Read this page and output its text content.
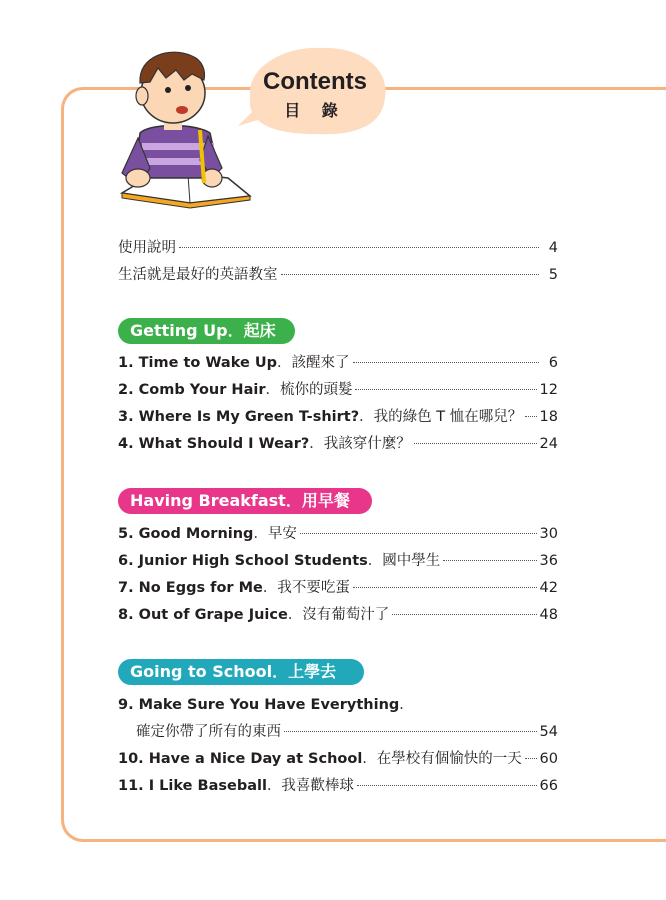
Contents
目 錄
使用說明	4
生活就是最好的英語教室	5
Getting Up．起床
1. Time to Wake Up ．該醒來了	6
2. Comb Your Hair ．梳你的頭髮	12
3. Where Is My Green T-shirt? ．我的綠色 T 恤在哪兒？ 18
4. What Should I Wear? ．我該穿什麼？	24
Having Breakfast．用早餐
5. Good Morning ．早安	30
6. Junior High School Students ．國中學生	36
7. No Eggs for Me ．我不要吃蛋	42
8. Out of Grape Juice ．沒有葡萄汁了	48
Going to School．上學去
9. Make Sure You Have Everything ．
確定你帶了所有的東西	54
10. Have a Nice Day at School ．在學校有個愉快的一天 60
11. I Like Baseball ．我喜歡棒球	66
